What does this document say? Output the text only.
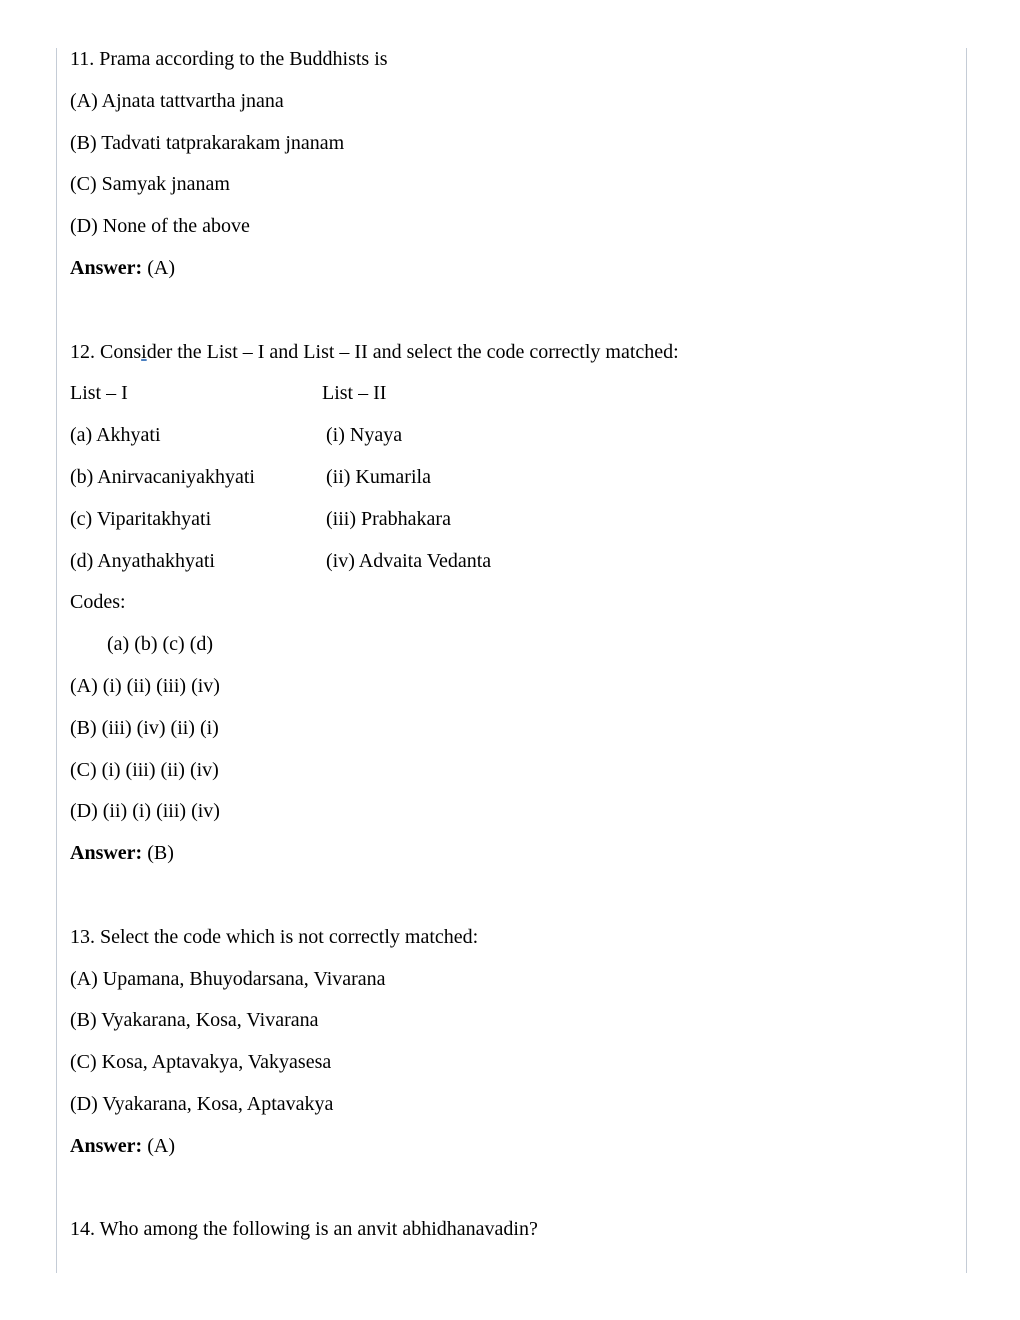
11. Prama according to the Buddhists is
(A) Ajnata tattvartha jnana
(B) Tadvati tatprakarakam jnanam
(C) Samyak jnanam
(D) None of the above
Answer: (A)
12. Consider the List – I and List – II and select the code correctly matched:
List – I	List – II
(a) Akhyati	(i) Nyaya
(b) Anirvacaniyakhyati	(ii) Kumarila
(c) Viparitakhyati	(iii) Prabhakara
(d) Anyathakhyati	(iv) Advaita Vedanta
Codes:
(a) (b) (c) (d)
(A) (i) (ii) (iii) (iv)
(B) (iii) (iv) (ii) (i)
(C) (i) (iii) (ii) (iv)
(D) (ii) (i) (iii) (iv)
Answer: (B)
13. Select the code which is not correctly matched:
(A) Upamana, Bhuyodarsana, Vivarana
(B) Vyakarana, Kosa, Vivarana
(C) Kosa, Aptavakya, Vakyasesa
(D) Vyakarana, Kosa, Aptavakya
Answer: (A)
14. Who among the following is an anvit abhidhanavadin?
